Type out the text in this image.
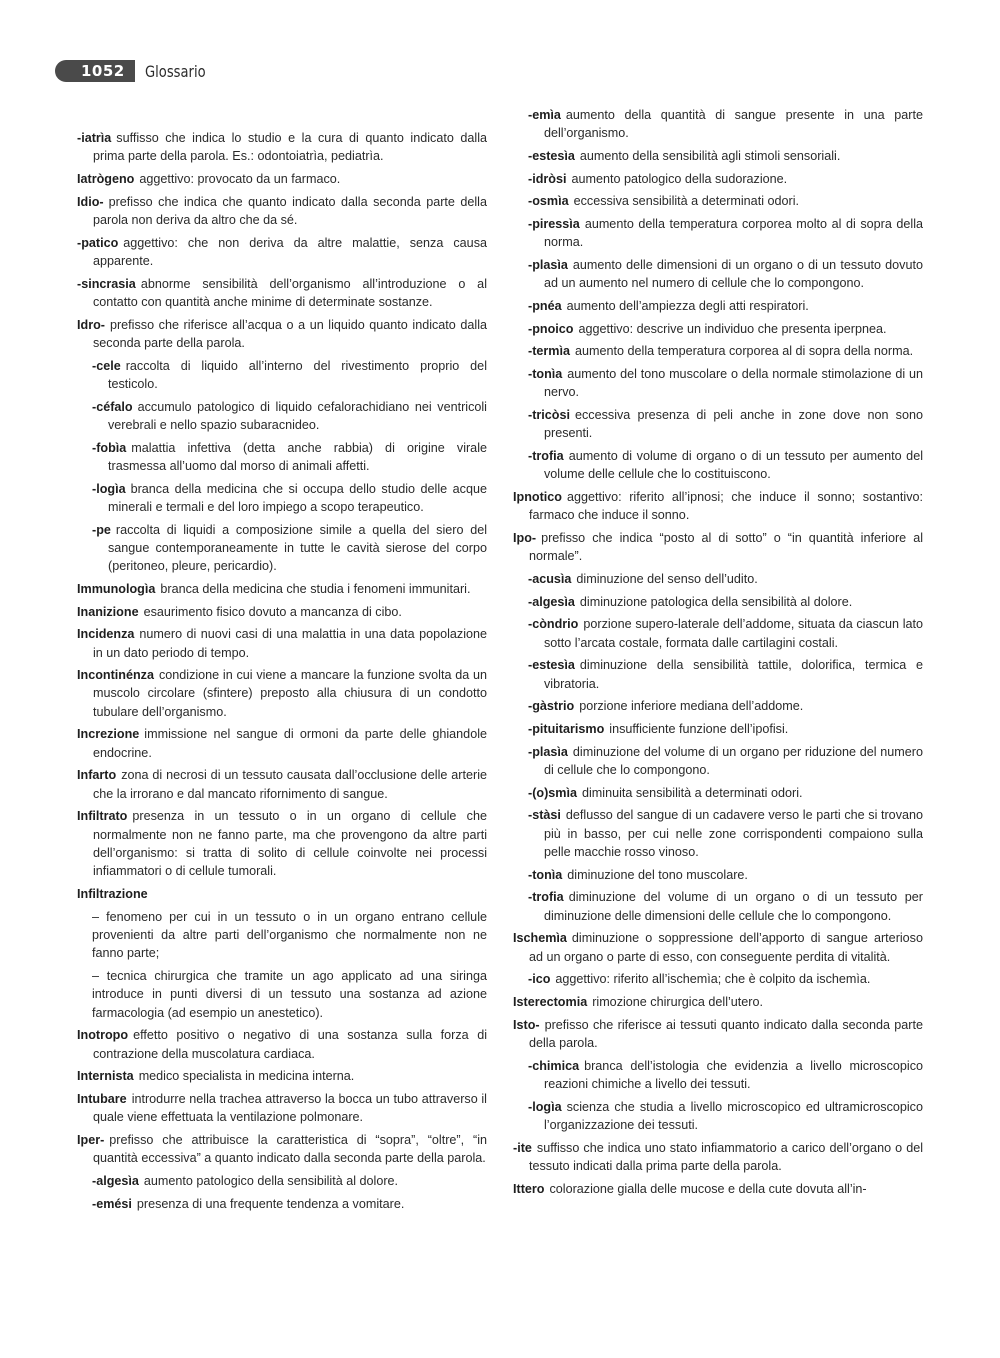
1052	Glossario

-iatrìa suffisso che indica lo studio e la cura di quanto indicato dalla prima parte della parola. Es.: odontoiatrìa, pediatrìa.

Iatrògeno aggettivo: provocato da un farmaco.

Idio- prefisso che indica che quanto indicato dalla seconda parte della parola non deriva da altro che da sé.

-patico aggettivo: che non deriva da altre malattie, senza causa apparente.

-sincrasia abnorme sensibilità dell’organismo all’introduzione o al contatto con quantità anche minime di determinate sostanze.

Idro- prefisso che riferisce all’acqua o a un liquido quanto indicato dalla seconda parte della parola.

-cele raccolta di liquido all’interno del rivestimento proprio del testicolo.

-céfalo accumulo patologico di liquido cefalorachidiano nei ventricoli verebrali e nello spazio subaracnideo.

-fobìa malattia infettiva (detta anche rabbia) di origine virale trasmessa all’uomo dal morso di animali affetti.

-logìa branca della medicina che si occupa dello studio delle acque minerali e termali e del loro impiego a scopo terapeutico.

-pe raccolta di liquidi a composizione simile a quella del siero del sangue contemporaneamente in tutte le cavità sierose del corpo (peritoneo, pleure, pericardio).

Immunologìa branca della medicina che studia i fenomeni immunitari.

Inanizione esaurimento fisico dovuto a mancanza di cibo.

Incidenza numero di nuovi casi di una malattia in una data popolazione in un dato periodo di tempo.

Incontinénza condizione in cui viene a mancare la funzione svolta da un muscolo circolare (sfintere) preposto alla chiusura di un condotto tubulare dell’organismo.

Increzione immissione nel sangue di ormoni da parte delle ghiandole endocrine.

Infarto zona di necrosi di un tessuto causata dall’occlusione delle arterie che la irrorano e dal mancato rifornimento di sangue.

Infiltrato presenza in un tessuto o in un organo di cellule che normalmente non ne fanno parte, ma che provengono da altre parti dell’organismo: si tratta di solito di cellule coinvolte nei processi infiammatori o di cellule tumorali.

Infiltrazione

– fenomeno per cui in un tessuto o in un organo entrano cellule provenienti da altre parti dell’organismo che normalmente non ne fanno parte;

– tecnica chirurgica che tramite un ago applicato ad una siringa introduce in punti diversi di un tessuto una sostanza ad azione farmacologia (ad esempio un anestetico).

Inotropo effetto positivo o negativo di una sostanza sulla forza di contrazione della muscolatura cardiaca.

Internista medico specialista in medicina interna.

Intubare introdurre nella trachea attraverso la bocca un tubo attraverso il quale viene effettuata la ventilazione polmonare.

Iper- prefisso che attribuisce la caratteristica di “sopra”, “oltre”, “in quantità eccessiva” a quanto indicato dalla seconda parte della parola.

-algesìa aumento patologico della sensibilità al dolore.

-emési presenza di una frequente tendenza a vomitare.

-emìa aumento della quantità di sangue presente in una parte dell’organismo.

-estesìa aumento della sensibilità agli stimoli sensoriali.

-idròsi aumento patologico della sudorazione.

-osmìa eccessiva sensibilità a determinati odori.

-piressìa aumento della temperatura corporea molto al di sopra della norma.

-plasìa aumento delle dimensioni di un organo o di un tessuto dovuto ad un aumento nel numero di cellule che lo compongono.

-pnéa aumento dell’ampiezza degli atti respiratori.

-pnoico aggettivo: descrive un individuo che presenta iperpnea.

-termìa aumento della temperatura corporea al di sopra della norma.

-tonìa aumento del tono muscolare o della normale stimolazione di un nervo.

-tricòsi eccessiva presenza di peli anche in zone dove non sono presenti.

-trofia aumento di volume di organo o di un tessuto per aumento del volume delle cellule che lo costituiscono.

Ipnotico aggettivo: riferito all’ipnosi; che induce il sonno; sostantivo: farmaco che induce il sonno.

Ipo- prefisso che indica “posto al di sotto” o “in quantità inferiore al normale”.

-acusìa diminuzione del senso dell’udito.

-algesìa diminuzione patologica della sensibilità al dolore.

-còndrio porzione supero-laterale dell’addome, situata da ciascun lato sotto l’arcata costale, formata dalle cartilagini costali.

-estesìa diminuzione della sensibilità tattile, dolorifica, termica e vibratoria.

-gàstrio porzione inferiore mediana dell’addome.

-pituitarismo insufficiente funzione dell’ipofisi.

-plasìa diminuzione del volume di un organo per riduzione del numero di cellule che lo compongono.

-(o)smìa diminuita sensibilità a determinati odori.

-stàsi deflusso del sangue di un cadavere verso le parti che si trovano più in basso, per cui nelle zone corrispondenti compaiono sulla pelle macchie rosso vinoso.

-tonìa diminuzione del tono muscolare.

-trofia diminuzione del volume di un organo o di un tessuto per diminuzione delle dimensioni delle cellule che lo compongono.

Ischemìa diminuzione o soppressione dell’apporto di sangue arterioso ad un organo o parte di esso, con conseguente perdita di vitalità.

-ico aggettivo: riferito all’ischemìa; che è colpito da ischemìa.

Isterectomia rimozione chirurgica dell’utero.

Isto- prefisso che riferisce ai tessuti quanto indicato dalla seconda parte della parola.

-chimica branca dell’istologia che evidenzia a livello microscopico reazioni chimiche a livello dei tessuti.

-logìa scienza che studia a livello microscopico ed ultramicroscopico l’organizzazione dei tessuti.

-ite suffisso che indica uno stato infiammatorio a carico dell’organo o del tessuto indicati dalla prima parte della parola.

Ittero colorazione gialla delle mucose e della cute dovuta all’in-
